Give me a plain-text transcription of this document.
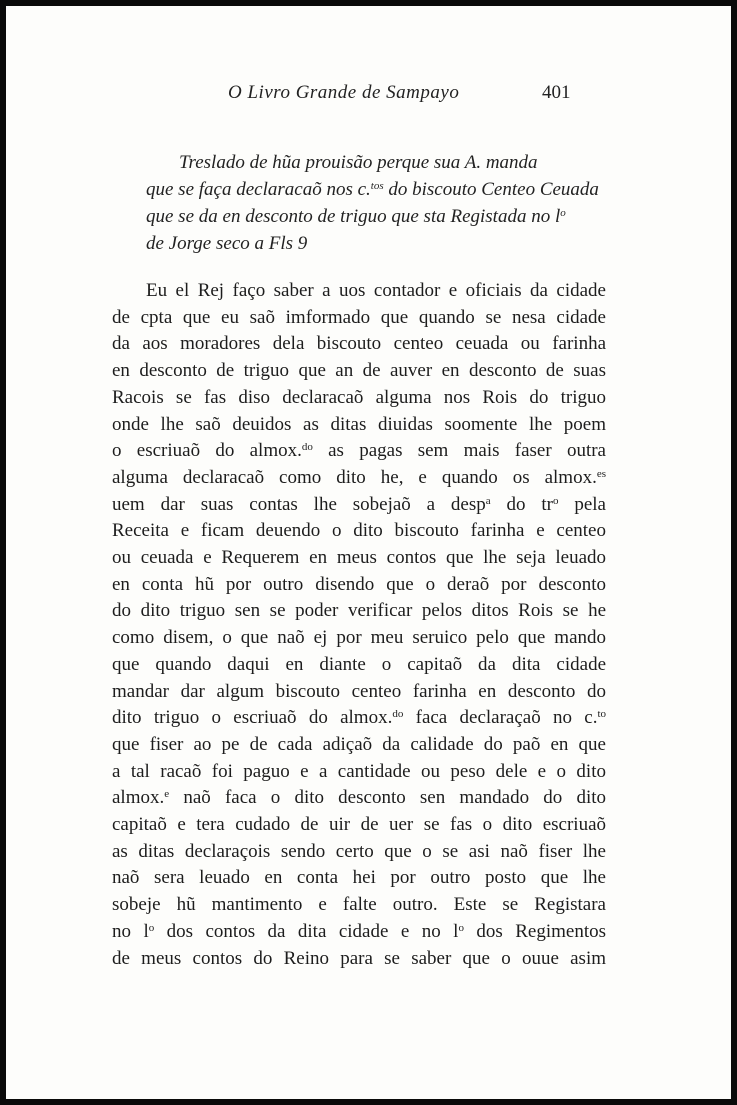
O Livro Grande de Sampayo	401
Treslado de hũa prouisão perque sua A. manda
que se faça declaracaõ nos c.$^{tos}$ do biscouto Centeo Ceuada
que se da en desconto de triguo que sta Registada no $l^o$
de Jorge seco a Fls 9
Eu el Rej faço saber a uos contador e oficiais da cidade
de cpta que eu saõ imformado que quando se nesa cidade
da aos moradores dela biscouto centeo ceuada ou farinha
en desconto de triguo que an de auver en desconto de suas
Racois se fas diso declaracaõ alguma nos Rois do triguo
onde lhe saõ deuidos as ditas diuidas soomente lhe poem
o escriuaõ do almox.$^{do}$ as pagas sem mais faser outra
alguma declaracaõ como dito he, e quando os almox.$^{es}$
uem dar suas contas lhe sobejaõ a desp$^a$ do $tr^o$ pela
Receita e ficam deuendo o dito biscouto farinha e centeo
ou ceuada e Requerem en meus contos que lhe seja leuado
en conta hũ por outro disendo que o deraõ por desconto
do dito triguo sen se poder verificar pelos ditos Rois se he
como disem, o que naõ ej por meu seruico pelo que mando
que quando daqui en diante o capitaõ da dita cidade
mandar dar algum biscouto centeo farinha en desconto do
dito triguo o escriuaõ do almox.$^{do}$ faca declaraçaõ no c.$^{to}$
que fiser ao pe de cada adiçaõ da calidade do paõ en que
a tal racaõ foi paguo e a cantidade ou peso dele e o dito
almox.$^e$ naõ faca o dito desconto sen mandado do dito
capitaõ e tera cudado de uir de uer se fas o dito escriuaõ
as ditas declaraçois sendo certo que o se asi naõ fiser lhe
naõ sera leuado en conta hei por outro posto que lhe
sobeje hũ mantimento e falte outro. Este se Registara
no $l^o$ dos contos da dita cidade e no $l^o$ dos Regimentos
de meus contos do Reino para se saber que o ouue asim
